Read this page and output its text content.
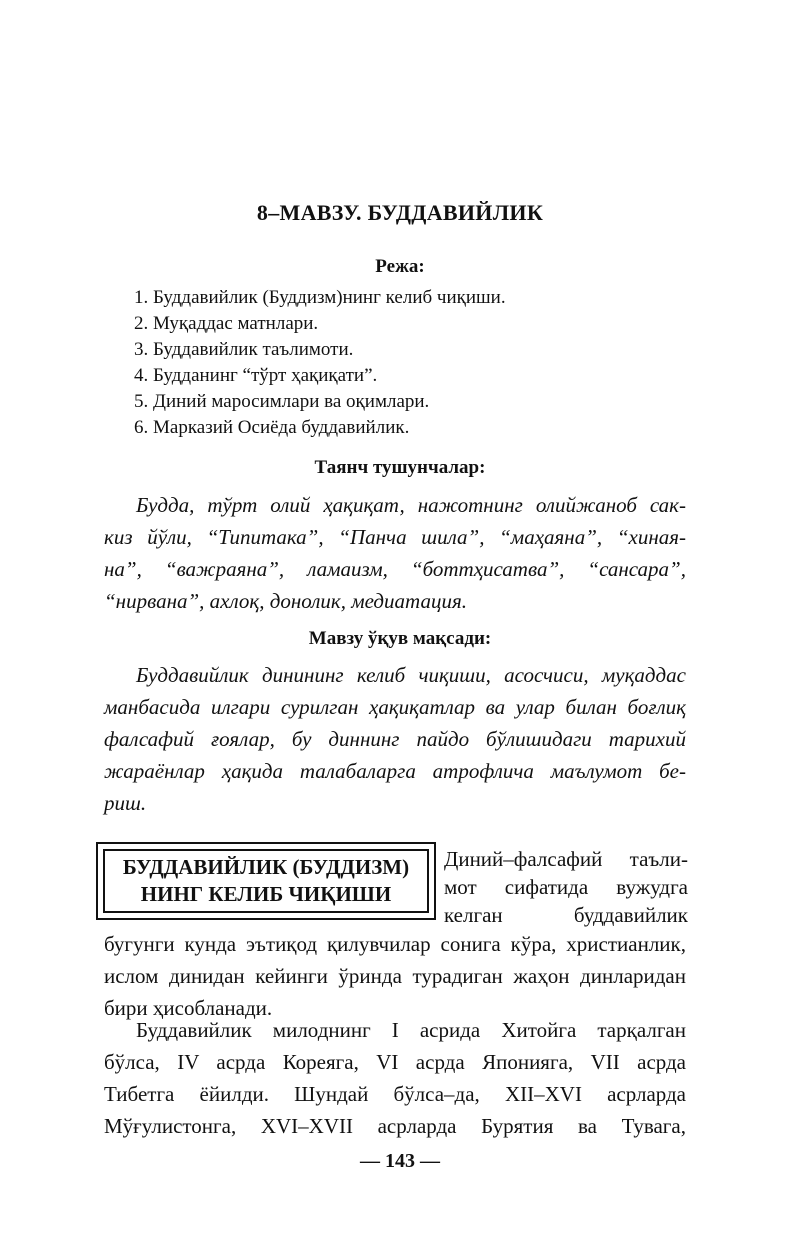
8–МАВЗУ. БУДДАВИЙЛИК
Режа:
1. Буддавийлик (Буддизм)нинг келиб чиқиши.
2. Муқаддас матнлари.
3. Буддавийлик таълимоти.
4. Будданинг “тўрт ҳақиқати”.
5. Диний маросимлари ва оқимлари.
6. Марказий Осиёда буддавийлик.
Таянч тушунчалар:
Будда, тўрт олий ҳақиқат, нажотнинг олийжаноб сак-
киз йўли, “Типитака”, “Панча шила”, “маҳаяна”, “хиная-
на”, “важраяна”, ламаизм, “боттҳисатва”, “сансара”,
“нирвана”, ахлоқ, донолик, медиатация.
Мавзу ўқув мақсади:
Буддавийлик динининг келиб чиқиши, асосчиси, муқаддас
манбасида илгари сурилган ҳақиқатлар ва улар билан боғлиқ
фалсафий ғоялар, бу диннинг пайдо бўлишидаги тарихий
жараёнлар ҳақида талабаларга атрофлича маълумот бе-
риш.
БУДДАВИЙЛИК (БУДДИЗМ)
НИНГ КЕЛИБ ЧИҚИШИ
Диний–фалсафий таъли-
мот сифатида вужудга
келган буддавийлик
бугунги кунда эътиқод қилувчилар сонига кўра, христианлик,
ислом динидан кейинги ўринда турадиган жаҳон динларидан
бири ҳисобланади.
Буддавийлик милоднинг I асрида Хитойга тарқалган
бўлса, IV асрда Кореяга, VI асрда Японияга, VII асрда
Тибетга ёйилди. Шундай бўлса–да, XII–XVI асрларда
Мўғулистонга, XVI–XVII асрларда Бурятия ва Тувага,
— 143 —
